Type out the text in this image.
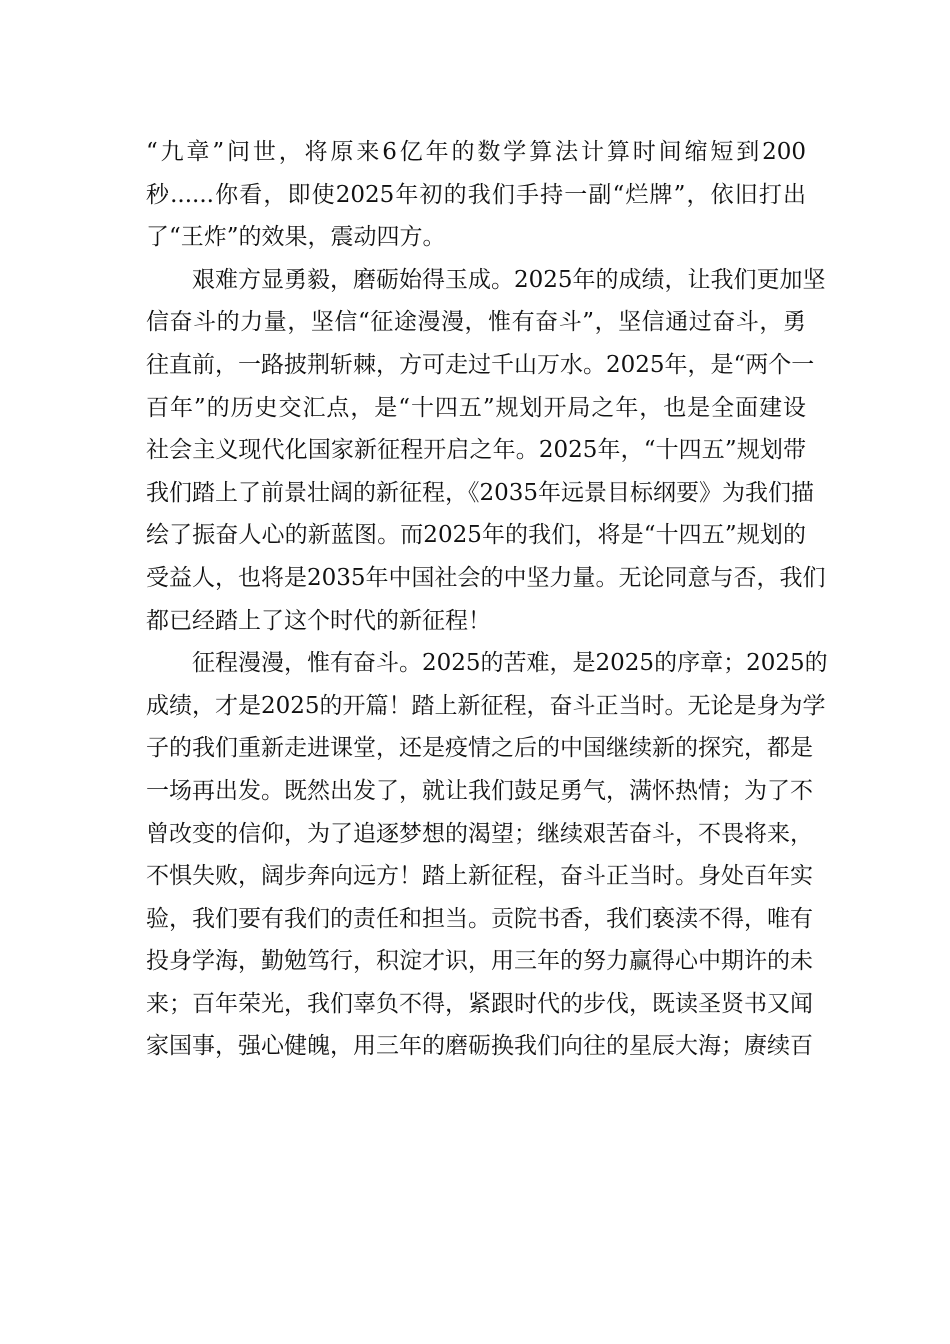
“九章”问世，将原来6亿年的数学算法计算时间缩短到200
秒......你看，即使2025年初的我们手持一副“烂牌”，依旧打出
了“王炸”的效果，震动四方。
艰难方显勇毅，磨砺始得玉成。2025年的成绩，让我们更加坚
信奋斗的力量，坚信“征途漫漫，惟有奋斗”，坚信通过奋斗，勇
往直前，一路披荆斩棘，方可走过千山万水。2025年，是“两个一
百年”的历史交汇点，是“十四五”规划开局之年，也是全面建设
社会主义现代化国家新征程开启之年。2025年，“十四五”规划带
我们踏上了前景壮阔的新征程，《2035年远景目标纲要》为我们描
绘了振奋人心的新蓝图。而2025年的我们，将是“十四五”规划的
受益人，也将是2035年中国社会的中坚力量。无论同意与否，我们
都已经踏上了这个时代的新征程！
征程漫漫，惟有奋斗。2025的苦难，是2025的序章；2025的
成绩，才是2025的开篇！踏上新征程，奋斗正当时。无论是身为学
子的我们重新走进课堂，还是疫情之后的中国继续新的探究，都是
一场再出发。既然出发了，就让我们鼓足勇气，满怀热情；为了不
曾改变的信仰，为了追逐梦想的渴望；继续艰苦奋斗，不畏将来，
不惧失败，阔步奔向远方！踏上新征程，奋斗正当时。身处百年实
验，我们要有我们的责任和担当。贡院书香，我们亵渎不得，唯有
投身学海，勤勉笃行，积淀才识，用三年的努力赢得心中期许的未
来；百年荣光，我们辜负不得，紧跟时代的步伐，既读圣贤书又闻
家国事，强心健魄，用三年的磨砺换我们向往的星辰大海；赓续百
